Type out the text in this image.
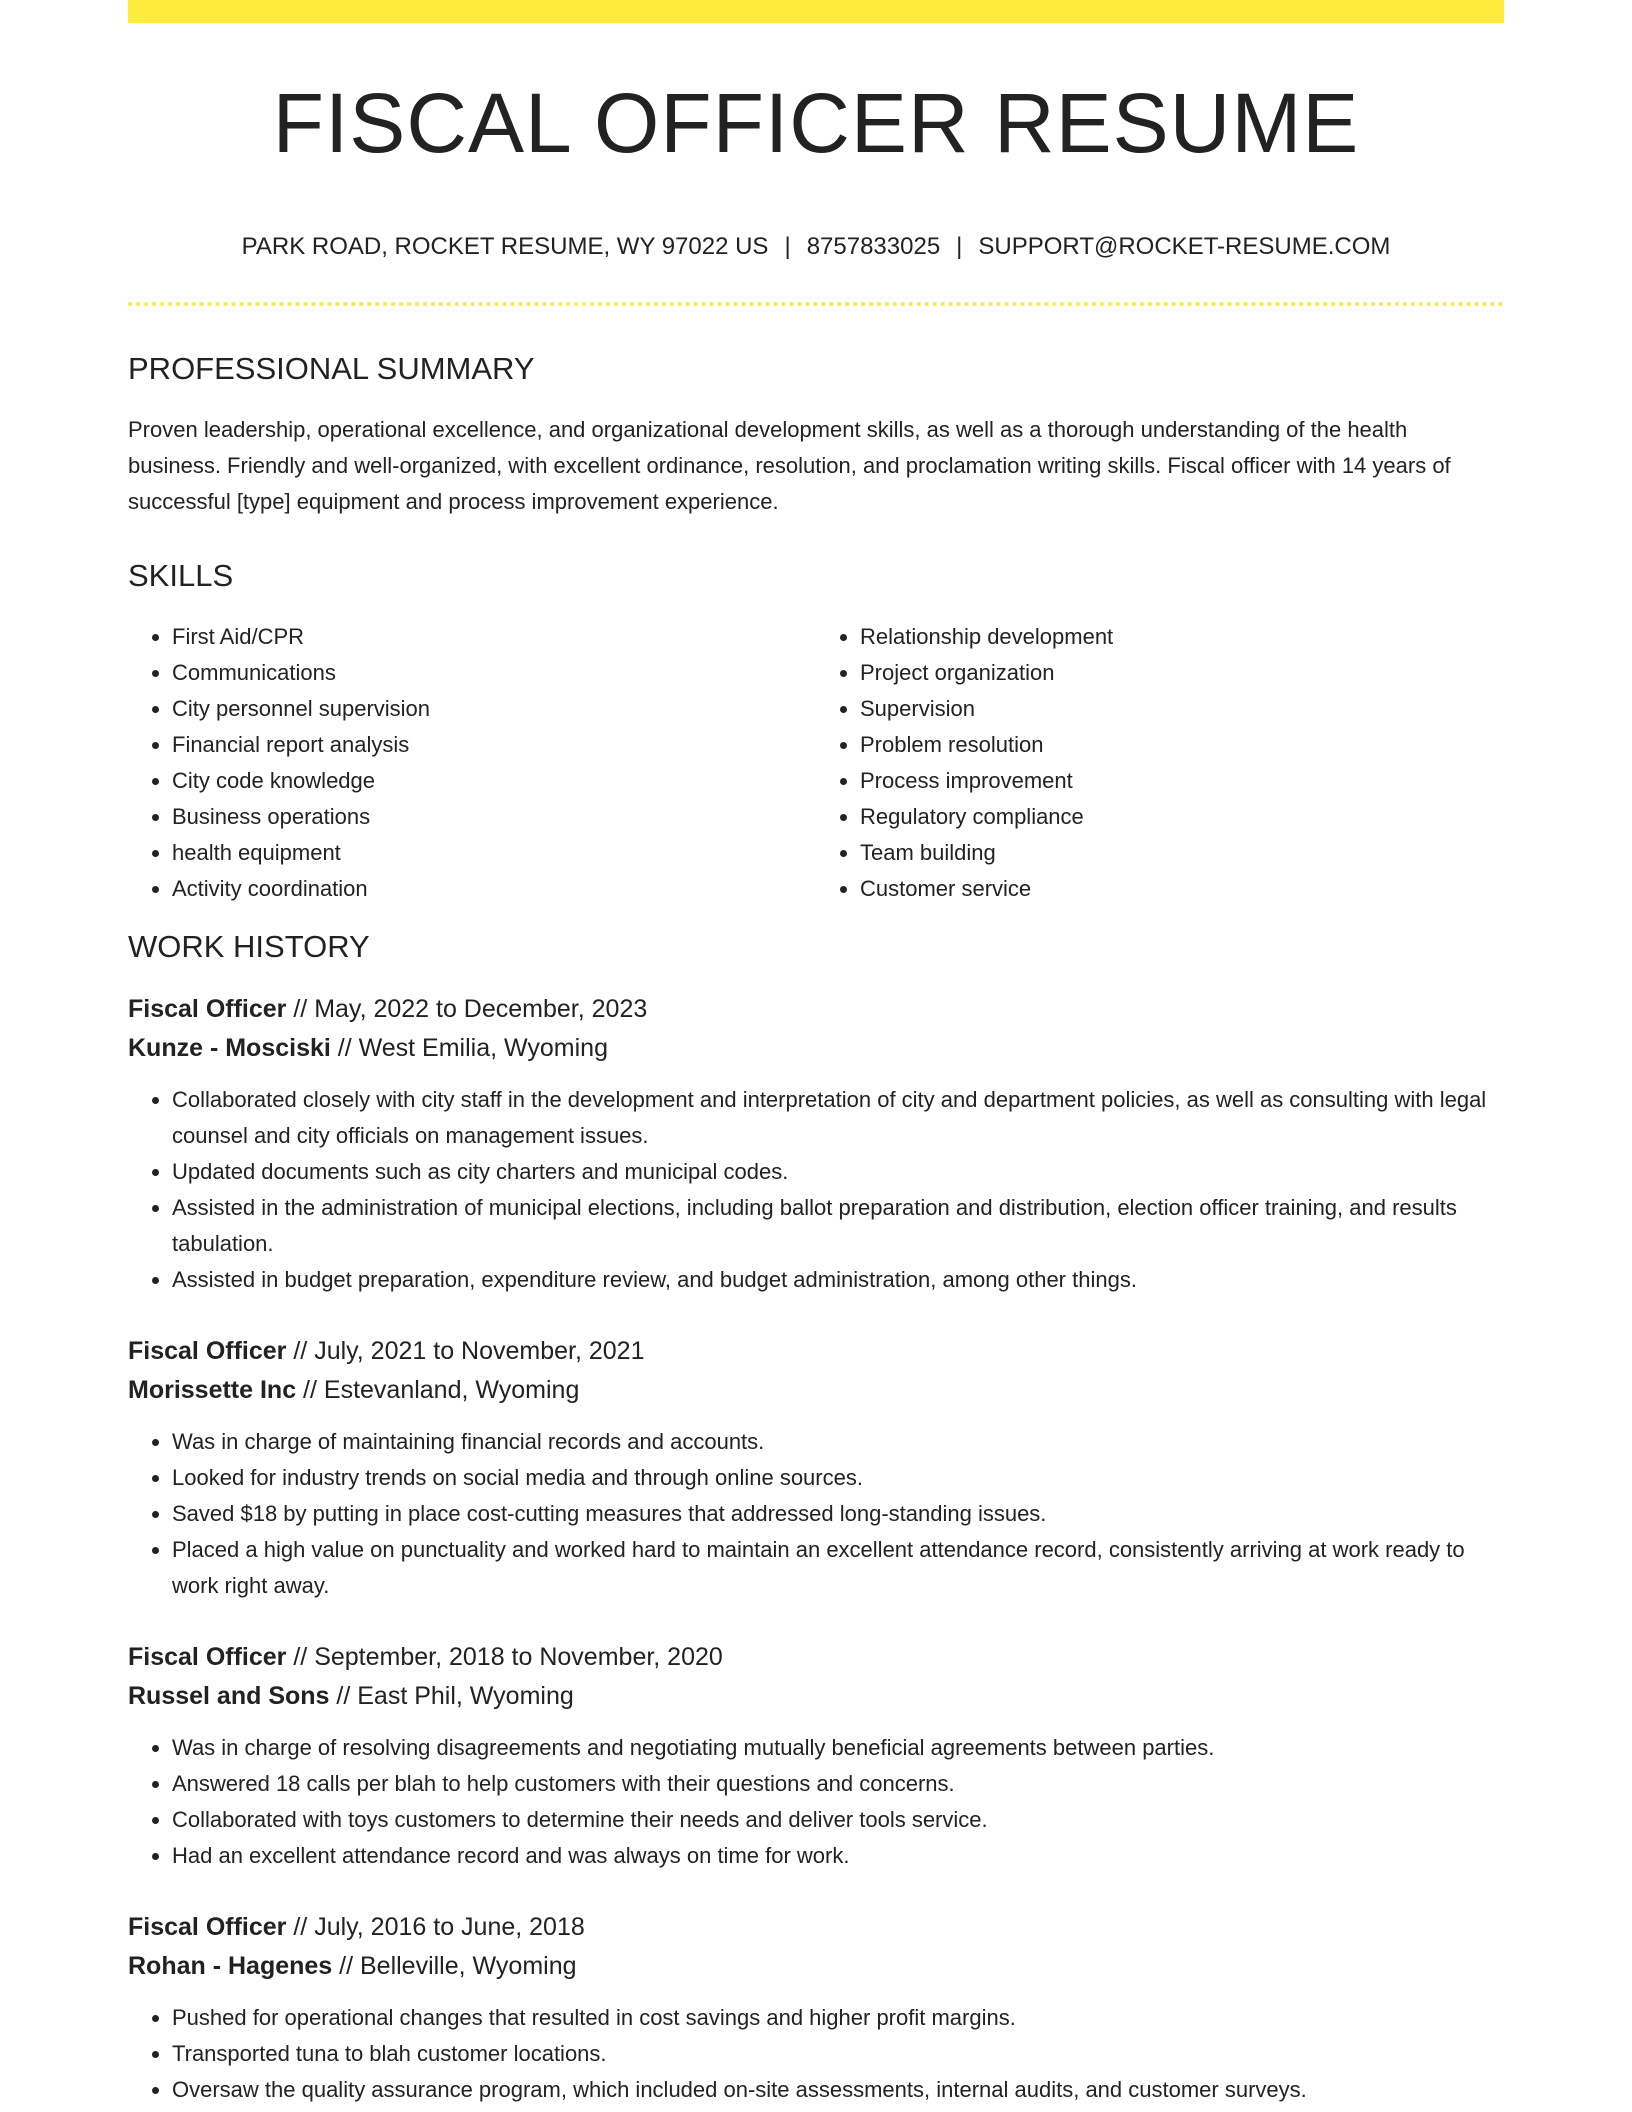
FISCAL OFFICER RESUME
PARK ROAD, ROCKET RESUME, WY 97022 US | 8757833025 | SUPPORT@ROCKET-RESUME.COM
PROFESSIONAL SUMMARY

Proven leadership, operational excellence, and organizational development skills, as well as a thorough understanding of the health business. Friendly and well-organized, with excellent ordinance, resolution, and proclamation writing skills. Fiscal officer with 14 years of successful [type] equipment and process improvement experience.

SKILLS
• First Aid/CPR
• Communications
• City personnel supervision
• Financial report analysis
• City code knowledge
• Business operations
• health equipment
• Activity coordination
• Relationship development
• Project organization
• Supervision
• Problem resolution
• Process improvement
• Regulatory compliance
• Team building
• Customer service
WORK HISTORY
Fiscal Officer // May, 2022 to December, 2023
Kunze - Mosciski // West Emilia, Wyoming
• Collaborated closely with city staff in the development and interpretation of city and department policies, as well as consulting with legal counsel and city officials on management issues.
• Updated documents such as city charters and municipal codes.
• Assisted in the administration of municipal elections, including ballot preparation and distribution, election officer training, and results tabulation.
• Assisted in budget preparation, expenditure review, and budget administration, among other things.
Fiscal Officer // July, 2021 to November, 2021
Morissette Inc // Estevanland, Wyoming
• Was in charge of maintaining financial records and accounts.
• Looked for industry trends on social media and through online sources.
• Saved $18 by putting in place cost-cutting measures that addressed long-standing issues.
• Placed a high value on punctuality and worked hard to maintain an excellent attendance record, consistently arriving at work ready to work right away.
Fiscal Officer // September, 2018 to November, 2020
Russel and Sons // East Phil, Wyoming
• Was in charge of resolving disagreements and negotiating mutually beneficial agreements between parties.
• Answered 18 calls per blah to help customers with their questions and concerns.
• Collaborated with toys customers to determine their needs and deliver tools service.
• Had an excellent attendance record and was always on time for work.
Fiscal Officer // July, 2016 to June, 2018
Rohan - Hagenes // Belleville, Wyoming
• Pushed for operational changes that resulted in cost savings and higher profit margins.
• Transported tuna to blah customer locations.
• Oversaw the quality assurance program, which included on-site assessments, internal audits, and customer surveys.
